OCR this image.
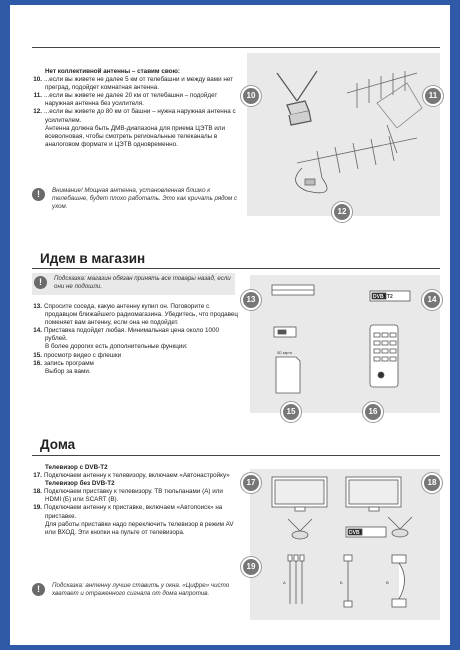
Нет коллективной антенны – ставим свою:
10. ...если вы живете не далее 5 км от телебашни и между вами нет преград, подойдет комнатная антенна.
11. ...если вы живете не далее 20 км от телебашни – подойдет наружная антенна без усилителя.
12. ...если вы живете до 80 км от башни – нужна наружная антенна с усилителем.
Антенна должна быть ДМВ-диапазона для приема ЦЭТВ или всеволновая, чтобы смотреть региональные телеканалы в аналоговом формате и ЦЭТВ одновременно.
!	Внимание! Мощная антенна, установленная близко к телебашне, будет плохо работать. Это как кричать рядом с ухом.
10	11
12
Идем в магазин
!	Подсказка: магазин обязан принять все товары назад, если они не подошли.
13. Спросите соседа, какую антенну купил он. Поговорите с продавцом ближайшего радиомагазина. Убедитесь, что продавец поменяет вам антенну, если она не подойдет.
14. Приставка подойдет любая. Минимальная цена около 1000 рублей.
В более дорогих есть дополнительные функции:
15. просмотр видео с флешки
16. запись программ
Выбор за вами.
DVB T2
SD карта
13	14
15	16
Дома
Телевизор с DVB-T2
17. Подключаем антенну к телевизору, включаем «Автонастройку»
Телевизор без DVB-T2
18. Подключаем приставку к телевизору. ТВ тюльпанами (А) или HDMI (Б) или SCART (В).
19. Подключаем антенну к приставке, включаем «Автопоиск» на приставке.
Для работы приставки надо переключить телевизор в режим AV или ВХОД. Эти кнопки на пульте от телевизора.
!	Подсказка: антенну лучше ставить у окна. «Цифре» чисто хватает и отраженного сигнала от дома напротив.
DVB
А	Б	В
17	18
19
